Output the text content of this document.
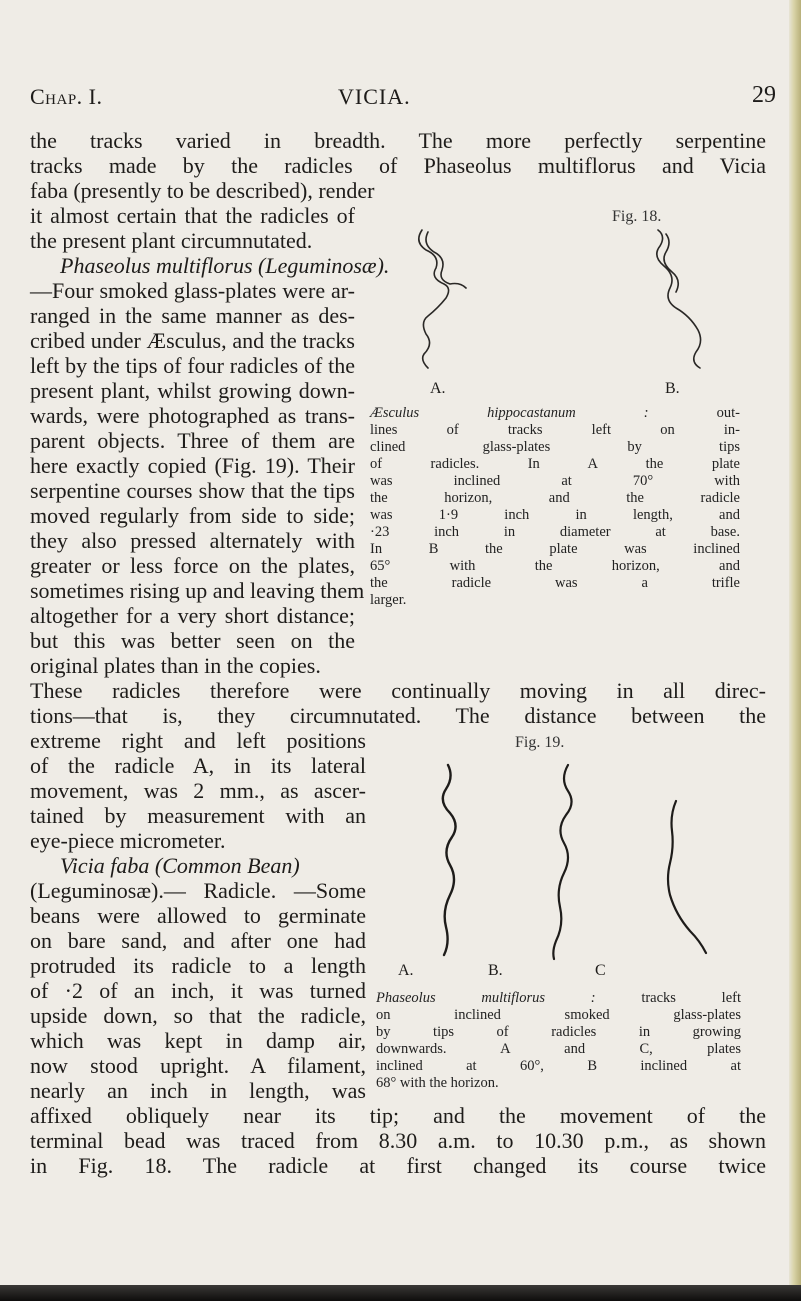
Chap. I.	VICIA.	29
the tracks varied in breadth. The more perfectly serpentine
tracks made by the radicles of Phaseolus multiflorus and Vicia
faba (presently to be described), render
it almost certain that the radicles of
the present plant circumnutated.
Phaseolus multiflorus (Leguminosæ).
—Four smoked glass-plates were ar-
ranged in the same manner as des-
cribed under Æsculus, and the tracks
left by the tips of four radicles of the
present plant, whilst growing down-
wards, were photographed as trans-
parent objects. Three of them are
here exactly copied (Fig. 19). Their
serpentine courses show that the tips
moved regularly from side to side;
they also pressed alternately with
greater or less force on the plates,
sometimes rising up and leaving them
altogether for a very short distance;
but this was better seen on the
original plates than in the copies.
These radicles therefore were continually moving in all direc-
tions—that is, they circumnutated. The distance between the
extreme right and left positions
of the radicle A, in its lateral
movement, was 2 mm., as ascer-
tained by measurement with an
eye-piece micrometer.
Vicia faba (Common Bean)
(Leguminosæ).— Radicle. —Some
beans were allowed to germinate
on bare sand, and after one had
protruded its radicle to a length
of ·2 of an inch, it was turned
upside down, so that the radicle,
which was kept in damp air,
now stood upright. A filament,
nearly an inch in length, was
affixed obliquely near its tip; and the movement of the
terminal bead was traced from 8.30 a.m. to 10.30 p.m., as shown
in Fig. 18. The radicle at first changed its course twice
Fig. 18.
A.	B.
Æsculus hippocastanum :	out-
lines of tracks left on in-
clined glass-plates by tips
of radicles. In A the plate
was inclined at 70° with
the horizon, and the radicle
was 1·9 inch in length, and
·23 inch in diameter at base.
In B the plate was inclined
65° with the horizon, and
the radicle was a trifle
larger.
Fig. 19.
A.	B.	C
Phaseolus multiflorus :	tracks left
on inclined smoked glass-plates
by tips of radicles in growing
downwards. A and C, plates
inclined at 60°, B inclined at
68° with the horizon.
